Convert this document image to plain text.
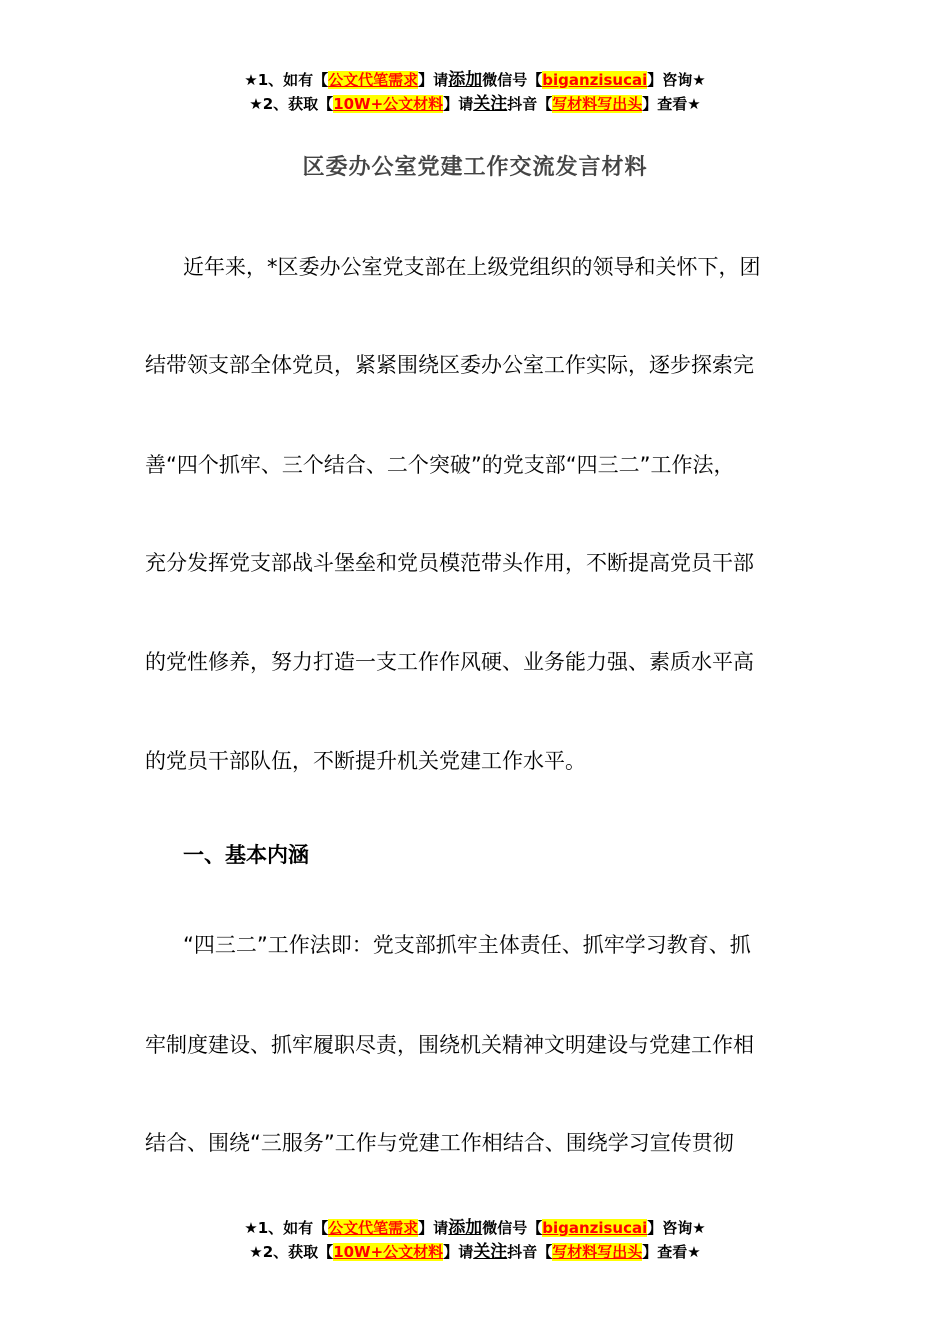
★1、如有【公文代笔需求】请添加微信号【biganzisucai】咨询★
★2、获取【10W+公文材料】请关注抖音【写材料写出头】查看★
区委办公室党建工作交流发言材料
近年来，*区委办公室党支部在上级党组织的领导和关怀下，团
结带领支部全体党员，紧紧围绕区委办公室工作实际，逐步探索完
善“四个抓牢、三个结合、二个突破”的党支部“四三二”工作法，
充分发挥党支部战斗堡垒和党员模范带头作用，不断提高党员干部
的党性修养，努力打造一支工作作风硬、业务能力强、素质水平高
的党员干部队伍，不断提升机关党建工作水平。
一、基本内涵
“四三二”工作法即：党支部抓牢主体责任、抓牢学习教育、抓
牢制度建设、抓牢履职尽责，围绕机关精神文明建设与党建工作相
结合、围绕“三服务”工作与党建工作相结合、围绕学习宣传贯彻
★1、如有【公文代笔需求】请添加微信号【biganzisucai】咨询★
★2、获取【10W+公文材料】请关注抖音【写材料写出头】查看★
